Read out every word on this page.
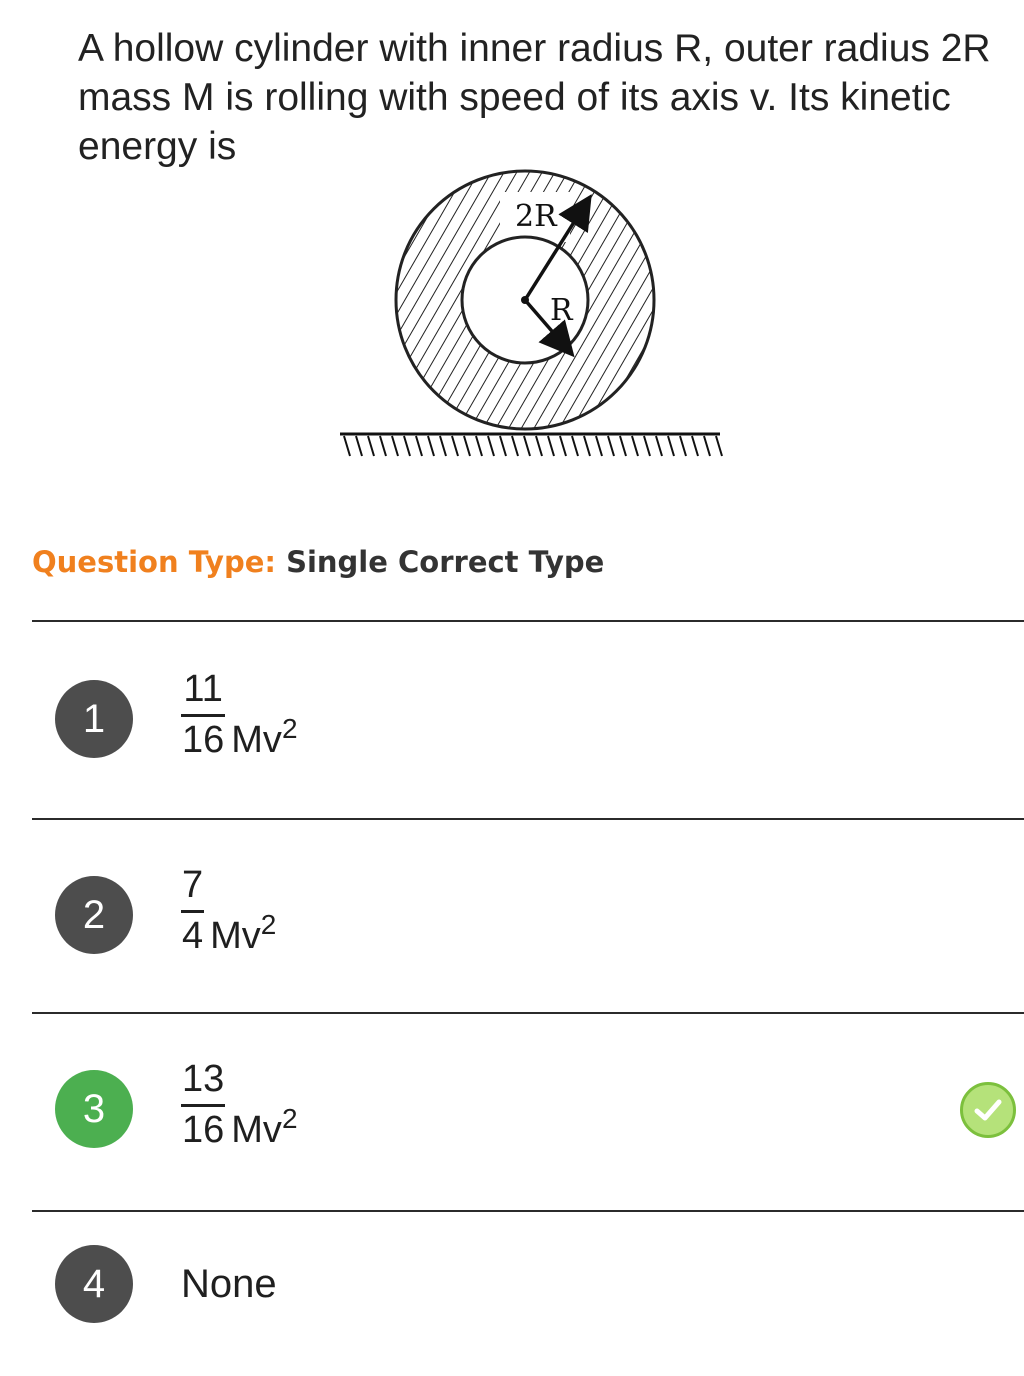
A hollow cylinder with inner radius R, outer radius 2R mass M is rolling with speed of its axis v. Its kinetic energy is
2R
R
Question Type: Single Correct Type
1	$\frac{11}{16} Mv^2$
2	$\frac{7}{4} Mv^2$
3	$\frac{13}{16} Mv^2$
4	None
